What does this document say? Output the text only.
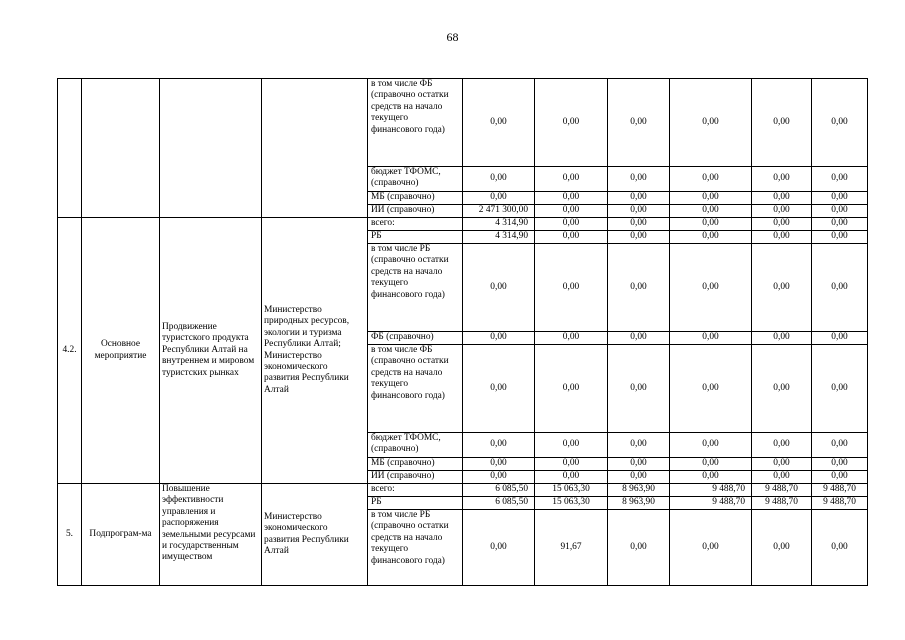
68
				в том числе ФБ (справочно остатки средств на начало текущего финансового года)	0,00	0,00	0,00	0,00	0,00	0,00
				бюджет ТФОМС, (справочно)	0,00	0,00	0,00	0,00	0,00	0,00
				МБ (справочно)	0,00	0,00	0,00	0,00	0,00	0,00
				ИИ (справочно)	2 471 300,00	0,00	0,00	0,00	0,00	0,00
4.2.	Основное мероприятие	Продвижение туристского продукта Республики Алтай на внутреннем и мировом туристских рынках	Министерство природных ресурсов, экологии и туризма Республики Алтай; Министерство экономического развития Республики Алтай	всего:	4 314,90	0,00	0,00	0,00	0,00	0,00
				РБ	4 314,90	0,00	0,00	0,00	0,00	0,00
				в том числе РБ (справочно остатки средств на начало текущего финансового года)	0,00	0,00	0,00	0,00	0,00	0,00
				ФБ (справочно)	0,00	0,00	0,00	0,00	0,00	0,00
				в том числе ФБ (справочно остатки средств на начало текущего финансового года)	0,00	0,00	0,00	0,00	0,00	0,00
				бюджет ТФОМС, (справочно)	0,00	0,00	0,00	0,00	0,00	0,00
				МБ (справочно)	0,00	0,00	0,00	0,00	0,00	0,00
				ИИ (справочно)	0,00	0,00	0,00	0,00	0,00	0,00
5.	Подпрограм-ма	Повышение эффективности управления и распоряжения земельными ресурсами и государственным имуществом	Министерство экономического развития Республики Алтай	всего:	6 085,50	15 063,30	8 963,90	9 488,70	9 488,70	9 488,70
				РБ	6 085,50	15 063,30	8 963,90	9 488,70	9 488,70	9 488,70
				в том числе РБ (справочно остатки средств на начало текущего финансового года)	0,00	91,67	0,00	0,00	0,00	0,00
